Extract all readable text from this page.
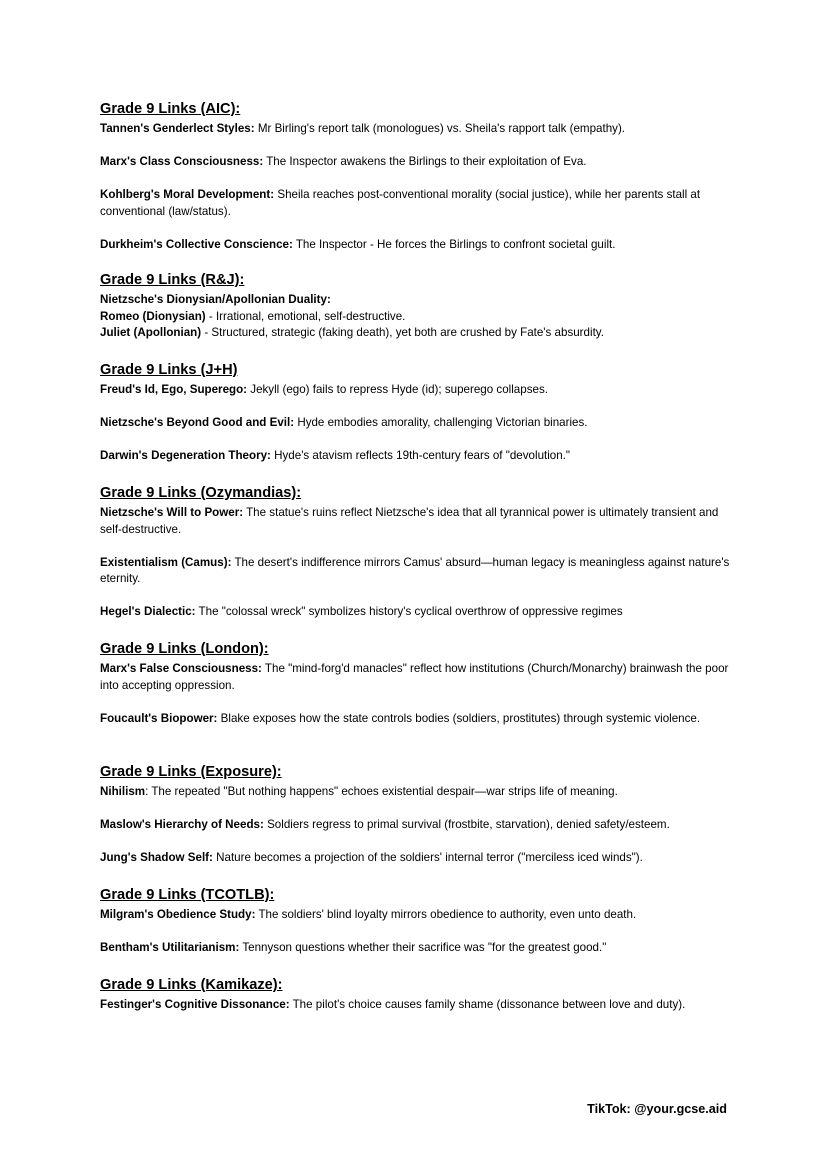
Grade 9 Links (AIC):

Tannen's Genderlect Styles: Mr Birling's report talk (monologues) vs. Sheila's rapport talk (empathy).

Marx's Class Consciousness: The Inspector awakens the Birlings to their exploitation of Eva.

Kohlberg's Moral Development: Sheila reaches post-conventional morality (social justice), while her parents stall at conventional (law/status).

Durkheim's Collective Conscience: The Inspector - He forces the Birlings to confront societal guilt.

Grade 9 Links (R&J):

Nietzsche's Dionysian/Apollonian Duality:

Romeo (Dionysian) - Irrational, emotional, self-destructive.

Juliet (Apollonian) - Structured, strategic (faking death), yet both are crushed by Fate's absurdity.

Grade 9 Links (J+H)

Freud's Id, Ego, Superego: Jekyll (ego) fails to repress Hyde (id); superego collapses.

Nietzsche's Beyond Good and Evil: Hyde embodies amorality, challenging Victorian binaries.

Darwin's Degeneration Theory: Hyde's atavism reflects 19th-century fears of "devolution."

Grade 9 Links (Ozymandias):

Nietzsche's Will to Power: The statue's ruins reflect Nietzsche's idea that all tyrannical power is ultimately transient and self-destructive.

Existentialism (Camus): The desert's indifference mirrors Camus' absurd—human legacy is meaningless against nature's eternity.

Hegel's Dialectic: The "colossal wreck" symbolizes history's cyclical overthrow of oppressive regimes

Grade 9 Links (London):

Marx's False Consciousness: The "mind-forg'd manacles" reflect how institutions (Church/Monarchy) brainwash the poor into accepting oppression.

Foucault's Biopower: Blake exposes how the state controls bodies (soldiers, prostitutes) through systemic violence.

Grade 9 Links (Exposure):

Nihilism: The repeated "But nothing happens" echoes existential despair—war strips life of meaning.

Maslow's Hierarchy of Needs: Soldiers regress to primal survival (frostbite, starvation), denied safety/esteem.

Jung's Shadow Self: Nature becomes a projection of the soldiers' internal terror ("merciless iced winds").

Grade 9 Links (TCOTLB):

Milgram's Obedience Study: The soldiers' blind loyalty mirrors obedience to authority, even unto death.

Bentham's Utilitarianism: Tennyson questions whether their sacrifice was "for the greatest good."

Grade 9 Links (Kamikaze):

Festinger's Cognitive Dissonance: The pilot's choice causes family shame (dissonance between love and duty).

TikTok: @your.gcse.aid
